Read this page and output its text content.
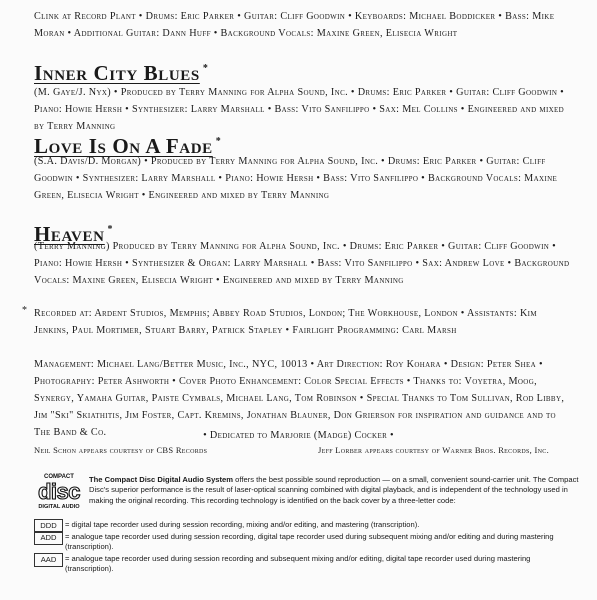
Clink at Record Plant • Drums: Eric Parker • Guitar: Cliff Goodwin • Keyboards: Michael Boddicker • Bass: Mike Moran • Additional Guitar: Dann Huff • Background Vocals: Maxine Green, Elisecia Wright

Inner City Blues *

(M. Gaye/J. Nyx) • Produced by Terry Manning for Alpha Sound, Inc. • Drums: Eric Parker • Guitar: Cliff Goodwin • Piano: Howie Hersh • Synthesizer: Larry Marshall • Bass: Vito Sanfilippo • Sax: Mel Collins • Engineered and mixed by Terry Manning

Love Is On A Fade *

(S.A. Davis/D. Morgan) • Produced by Terry Manning for Alpha Sound, Inc. • Drums: Eric Parker • Guitar: Cliff Goodwin • Synthesizer: Larry Marshall • Piano: Howie Hersh • Bass: Vito Sanfilippo • Background Vocals: Maxine Green, Elisecia Wright • Engineered and mixed by Terry Manning

Heaven *

(Terry Manning) Produced by Terry Manning for Alpha Sound, Inc. • Drums: Eric Parker • Guitar: Cliff Goodwin • Piano: Howie Hersh • Synthesizer & Organ: Larry Marshall • Bass: Vito Sanfilippo • Sax: Andrew Love • Background Vocals: Maxine Green, Elisecia Wright • Engineered and mixed by Terry Manning

* Recorded at: Ardent Studios, Memphis; Abbey Road Studios, London; The Workhouse, London • Assistants: Kim Jenkins, Paul Mortimer, Stuart Barry, Patrick Stapley • Fairlight Programming: Carl Marsh

Management: Michael Lang/Better Music, Inc., NYC, 10013 • Art Direction: Roy Kohara • Design: Peter Shea • Photography: Peter Ashworth • Cover Photo Enhancement: Color Special Effects • Thanks to: Voyetra, Moog, Synergy, Yamaha Guitar, Paiste Cymbals, Michael Lang, Tom Robinson • Special Thanks to Tom Sullivan, Rod Libby, Jim "Ski" Skiathitis, Jim Foster, Capt. Kremins, Jonathan Blauner, Don Grierson for inspiration and guidance and to The Band & Co.	• Dedicated to Marjorie (Madge) Cocker •

Neil Schon appears courtesy of CBS Records	Jeff Lorber appears courtesy of Warner Bros. Records, Inc.
COMPACT
disc
DIGITAL AUDIO

The Compact Disc Digital Audio System offers the best possible sound reproduction — on a small, convenient sound-carrier unit. The Compact Disc's superior performance is the result of laser-optical scanning combined with digital playback, and is independent of the technology used in making the original recording. This recording technology is identified on the back cover by a three-letter code:

DDD	= digital tape recorder used during session recording, mixing and/or editing, and mastering (transcription).

ADD	= analogue tape recorder used during session recording, digital tape recorder used during subsequent mixing and/or editing and during mastering (transcription).

AAD	= analogue tape recorder used during session recording and subsequent mixing and/or editing, digital tape recorder used during mastering (transcription).
